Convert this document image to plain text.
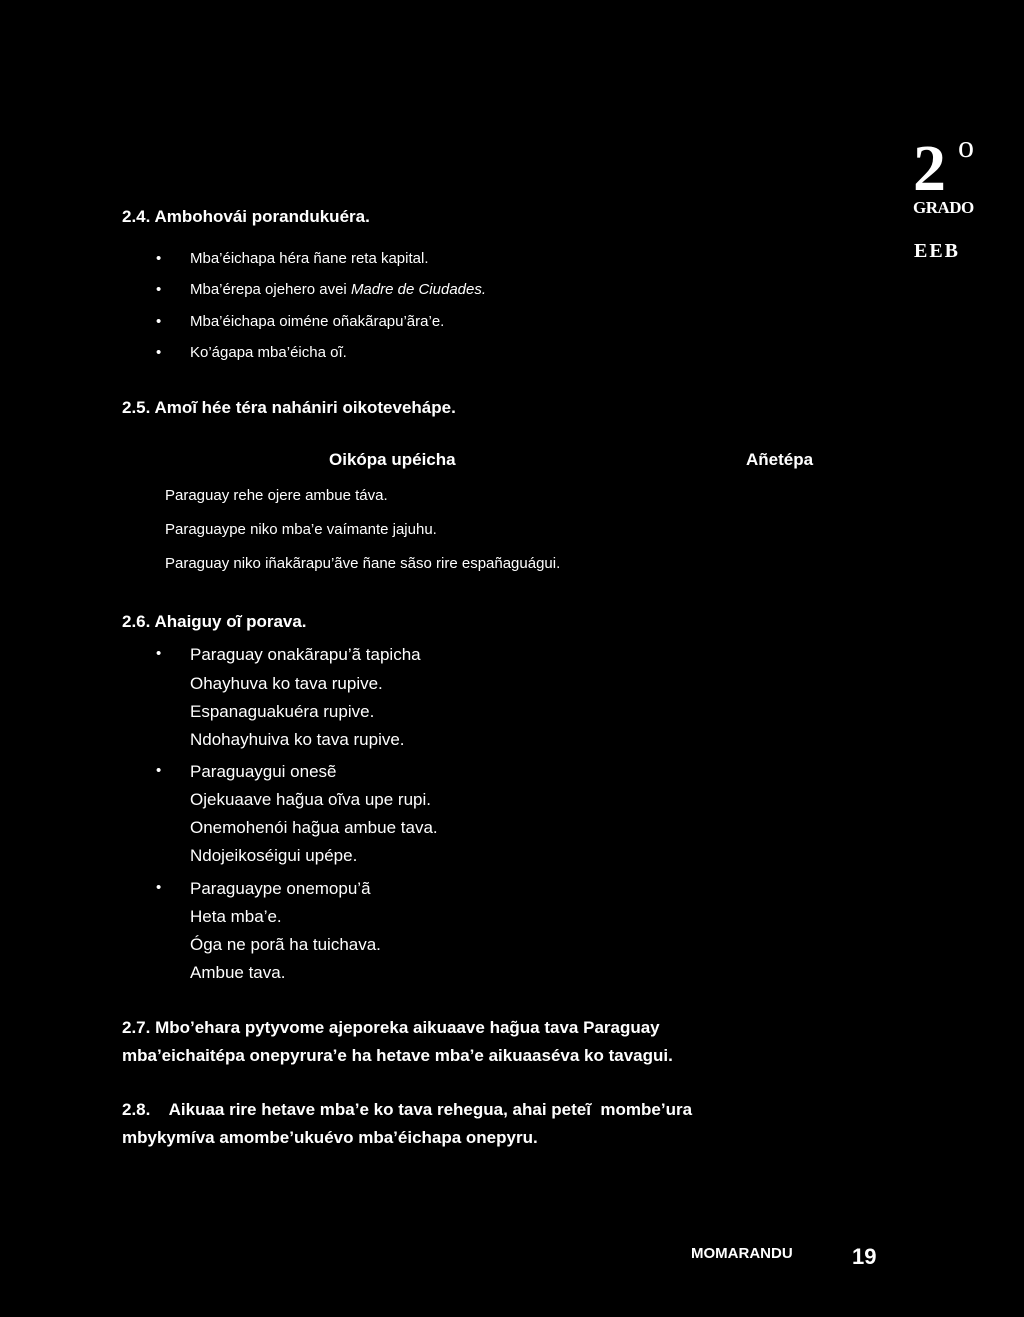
2 o
GRADO
EEB
2.4. Ambohovái porandukuéra.
• Mba’éichapa héra ñane reta kapital.
• Mba’érepa ojehero avei Madre de Ciudades.
• Mba’éichapa oiméne oñakãrapu’ãra’e.
• Ko’ágapa mba’éicha oĩ.
2.5. Amoĩ hée téra nahániri oikotevehápe.
Oikópa upéicha	Añetépa
Paraguay rehe ojere ambue táva.
Paraguaype niko mba’e vaímante jajuhu.
Paraguay niko iñakãrapu’ãve ñane sãso rire españaguágui.
2.6. Ahaiguy oĩ porava.
• Paraguay onakãrapu’ã tapicha
Ohayhuva ko tava rupive.
Espanaguakuéra rupive.
Ndohayhuiva ko tava rupive.
• Paraguaygui onesẽ
Ojekuaave hag̃ua oĩva upe rupi.
Onemohenói hag̃ua ambue tava.
Ndojeikoséigui upépe.
• Paraguaype onemopu’ã
Heta mba’e.
Óga ne porã ha tuichava.
Ambue tava.
2.7. Mbo’ehara pytyvome ajeporeka aikuaave hag̃ua tava Paraguay
mba’eichaitépa onepyrura’e ha hetave mba’e aikuaaséva ko tavagui.
2.8.    Aikuaa rire hetave mba’e ko tava rehegua, ahai peteĩ  mombe’ura
mbykymíva amombe’ukuévo mba’éichapa onepyru.
MOMARANDU	19
